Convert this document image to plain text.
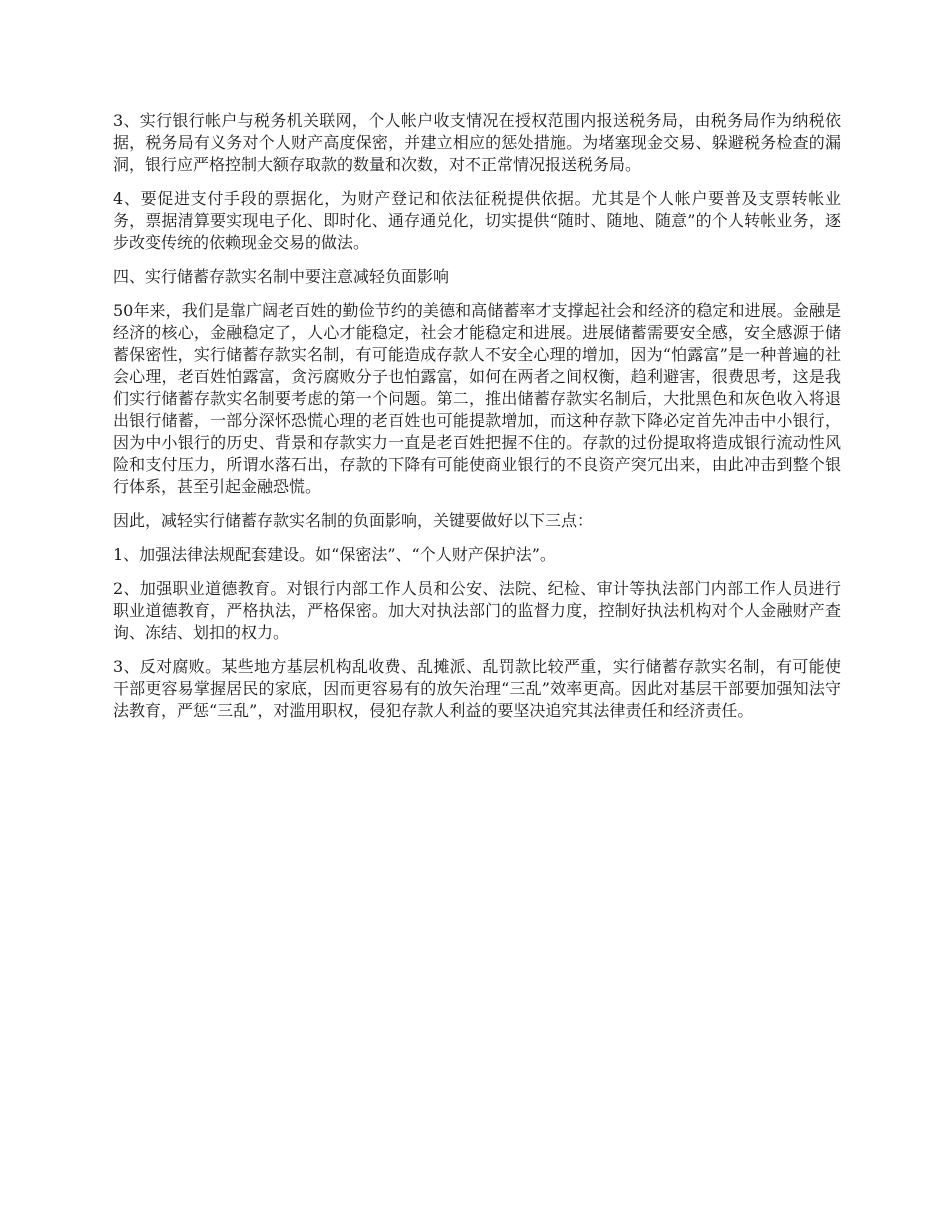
3、实行银行帐户与税务机关联网，个人帐户收支情况在授权范围内报送税务局，由税务局作为纳税依据，税务局有义务对个人财产高度保密，并建立相应的惩处措施。为堵塞现金交易、躲避税务检查的漏洞，银行应严格控制大额存取款的数量和次数，对不正常情况报送税务局。

4、要促进支付手段的票据化，为财产登记和依法征税提供依据。尤其是个人帐户要普及支票转帐业务，票据清算要实现电子化、即时化、通存通兑化，切实提供“随时、随地、随意”的个人转帐业务，逐步改变传统的依赖现金交易的做法。

四、实行储蓄存款实名制中要注意减轻负面影响

50年来，我们是靠广阔老百姓的勤俭节约的美德和高储蓄率才支撑起社会和经济的稳定和进展。金融是经济的核心，金融稳定了，人心才能稳定，社会才能稳定和进展。进展储蓄需要安全感，安全感源于储蓄保密性，实行储蓄存款实名制，有可能造成存款人不安全心理的增加，因为“怕露富”是一种普遍的社会心理，老百姓怕露富，贪污腐败分子也怕露富，如何在两者之间权衡，趋利避害，很费思考，这是我们实行储蓄存款实名制要考虑的第一个问题。第二，推出储蓄存款实名制后，大批黑色和灰色收入将退出银行储蓄，一部分深怀恐慌心理的老百姓也可能提款增加，而这种存款下降必定首先冲击中小银行，因为中小银行的历史、背景和存款实力一直是老百姓把握不住的。存款的过份提取将造成银行流动性风险和支付压力，所谓水落石出，存款的下降有可能使商业银行的不良资产突冗出来，由此冲击到整个银行体系，甚至引起金融恐慌。

因此，减轻实行储蓄存款实名制的负面影响，关键要做好以下三点：

1、加强法律法规配套建设。如“保密法”、“个人财产保护法”。

2、加强职业道德教育。对银行内部工作人员和公安、法院、纪检、审计等执法部门内部工作人员进行职业道德教育，严格执法，严格保密。加大对执法部门的监督力度，控制好执法机构对个人金融财产查询、冻结、划扣的权力。

3、反对腐败。某些地方基层机构乱收费、乱摊派、乱罚款比较严重，实行储蓄存款实名制，有可能使干部更容易掌握居民的家底，因而更容易有的放矢治理“三乱”效率更高。因此对基层干部要加强知法守法教育，严惩“三乱”，对滥用职权，侵犯存款人利益的要坚决追究其法律责任和经济责任。
